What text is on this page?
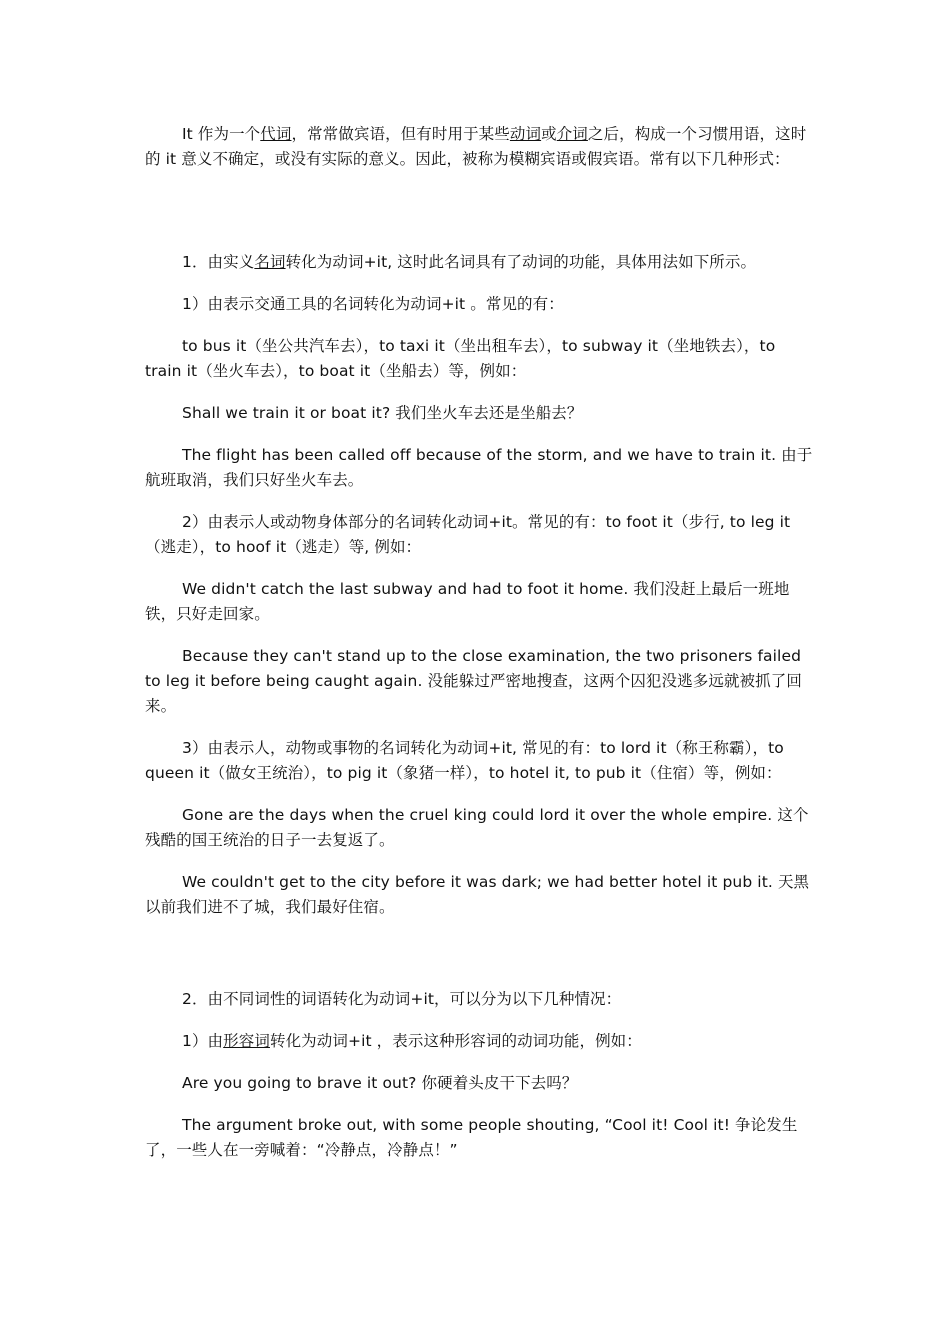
It 作为一个代词，常常做宾语，但有时用于某些动词或介词之后，构成一个习惯用语，这时的 it 意义不确定，或没有实际的意义。因此，被称为模糊宾语或假宾语。常有以下几种形式：

1．由实义名词转化为动词+it, 这时此名词具有了动词的功能，具体用法如下所示。

1）由表示交通工具的名词转化为动词+it 。常见的有：

to bus it（坐公共汽车去），to taxi it（坐出租车去），to subway it（坐地铁去），to train it（坐火车去），to boat it（坐船去）等，例如：

Shall we train it or boat it? 我们坐火车去还是坐船去？

The flight has been called off because of the storm, and we have to train it. 由于航班取消，我们只好坐火车去。

2）由表示人或动物身体部分的名词转化动词+it。常见的有：to foot it（步行, to leg it（逃走），to hoof it（逃走）等, 例如：

We didn't catch the last subway and had to foot it home. 我们没赶上最后一班地铁，只好走回家。

Because they can't stand up to the close examination, the two prisoners failed to leg it before being caught again. 没能躲过严密地搜查，这两个囚犯没逃多远就被抓了回来。

3）由表示人，动物或事物的名词转化为动词+it, 常见的有：to lord it（称王称霸），to queen it（做女王统治），to pig it（象猪一样），to hotel it, to pub it（住宿）等，例如：

Gone are the days when the cruel king could lord it over the whole empire. 这个残酷的国王统治的日子一去复返了。

We couldn't get to the city before it was dark; we had better hotel it pub it. 天黑以前我们进不了城，我们最好住宿。

2．由不同词性的词语转化为动词+it，可以分为以下几种情况：

1）由形容词转化为动词+it ，表示这种形容词的动词功能，例如：

Are you going to brave it out? 你硬着头皮干下去吗？

The argument broke out, with some people shouting, “Cool it! Cool it! 争论发生了，一些人在一旁喊着：“冷静点，冷静点！”
